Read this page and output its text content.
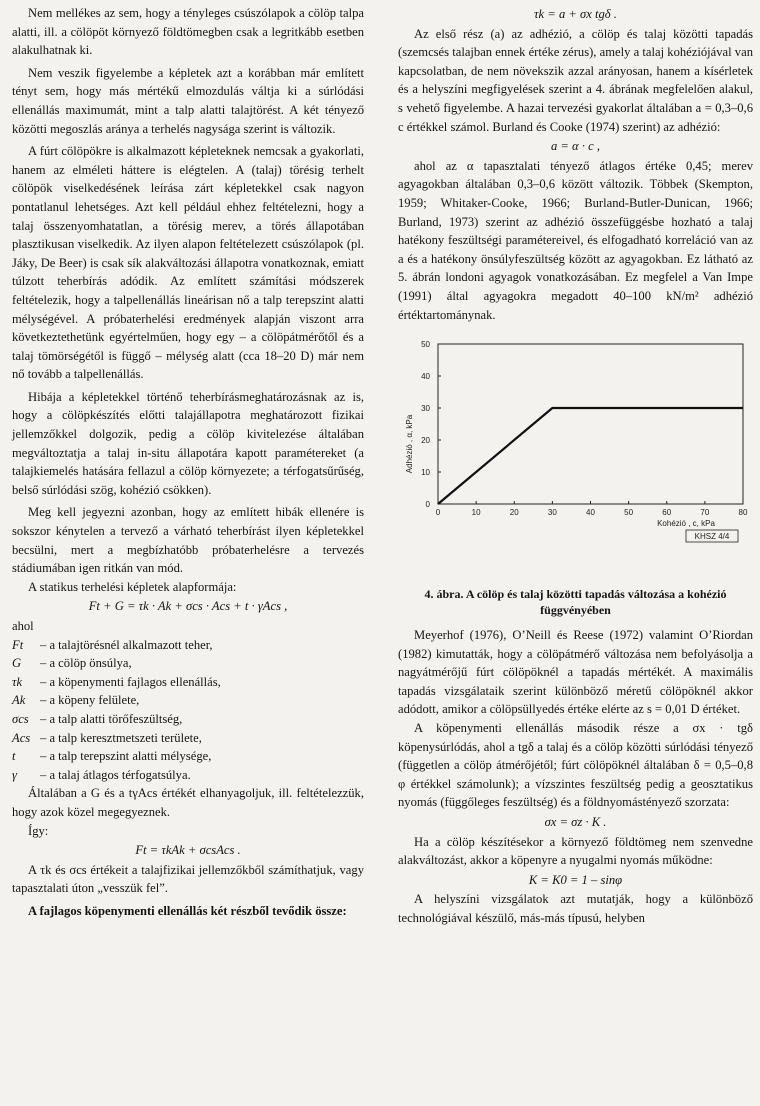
Nem mellékes az sem, hogy a tényleges csúszólapok a cölöp talpa alatti, ill. a cölöpöt környező földtömegben csak a legritkább esetben alakulhatnak ki.

Nem veszik figyelembe a képletek azt a korábban már említett tényt sem, hogy más mértékű elmozdulás váltja ki a súrlódási ellenállás maximumát, mint a talp alatti talajtörést. A két tényező közötti megoszlás aránya a terhelés nagysága szerint is változik.

A fúrt cölöpökre is alkalmazott képleteknek nemcsak a gyakorlati, hanem az elméleti háttere is elégtelen. A (talaj) törésig terhelt cölöpök viselkedésének leírása zárt képletekkel csak nagyon pontatlanul lehetséges. Azt kell például ehhez feltételezni, hogy a talaj összenyomhatatlan, a törésig merev, a törés állapotában plasztikusan viselkedik. Az ilyen alapon feltételezett csúszólapok (pl. Jáky, De Beer) is csak sík alakváltozási állapotra vonatkoznak, emiatt túlzott teherbírás adódik. Az említett számítási módszerek feltételezik, hogy a talpellenállás lineárisan nő a talp terepszint alatti mélységével. A próbaterhelési eredmények alapján viszont arra következtethetünk egyértelműen, hogy egy – a cölöpátmérőtől és a talaj tömörségétől is függő – mélység alatt (cca 18–20 D) már nem nő tovább a talpellenállás.

Hibája a képletekkel történő teherbírásmeghatározásnak az is, hogy a cölöpkészítés előtti talajállapotra meghatározott fizikai jellemzőkkel dolgozik, pedig a cölöp kivitelezése általában megváltoztatja a talaj in-situ állapotára kapott paramétereket (a talajkiemelés hatására fellazul a cölöp környezete; a térfogatsűrűség, belső súrlódási szög, kohézió csökken).

Meg kell jegyezni azonban, hogy az említett hibák ellenére is sokszor kénytelen a tervező a várható teherbírást ilyen képletekkel becsülni, mert a megbízhatóbb próbaterhelésre a tervezés stádiumában igen ritkán van mód.

A statikus terhelési képletek alapformája:

Ft + G = τk · Ak + σcs · Acs + t · γAcs ,

ahol

Ft	– a talajtörésnél alkalmazott teher,
G	– a cölöp önsúlya,
τk	– a köpenymenti fajlagos ellenállás,
Ak	– a köpeny felülete,
σcs – a talp alatti törőfeszültség,
Acs – a talp keresztmetszeti területe,
t	– a talp terepszint alatti mélysége,
γ	– a talaj átlagos térfogatsúlya.

Általában a G és a tγAcs értékét elhanyagoljuk, ill. feltételezzük, hogy azok közel megegyeznek.

Így:

Ft = τkAk + σcsAcs .

A τk és σcs értékeit a talajfizikai jellemzőkből számíthatjuk, vagy tapasztalati úton „vesszük fel”.

A fajlagos köpenymenti ellenállás két részből tevődik össze:

τk = a + σx tgδ .

Az első rész (a) az adhézió, a cölöp és talaj közötti tapadás (szemcsés talajban ennek értéke zérus), amely a talaj kohéziójával van kapcsolatban, de nem növekszik azzal arányosan, hanem a kísérletek és a helyszíni megfigyelések szerint a 4. ábrának megfelelően alakul, s vehető figyelembe. A hazai tervezési gyakorlat általában a = 0,3–0,6 c értékkel számol. Burland és Cooke (1974) szerint) az adhézió:

a = α · c ,

ahol az α tapasztalati tényező átlagos értéke 0,45; merev agyagokban általában 0,3–0,6 között változik. Többek (Skempton, 1959; Whitaker-Cooke, 1966; Burland-Butler-Dunican, 1966; Burland, 1973) szerint az adhézió összefüggésbe hozható a talaj hatékony feszültségi paramétereivel, és elfogadható korreláció van az a és a hatékony önsúlyfeszültség között az agyagokban. Ez látható az 5. ábrán londoni agyagok vonatkozásában. Ez megfelel a Van Impe (1991) által agyagokra megadott 40–100 kN/m² adhézió értéktartománynak.

0	10	20	30	40	50	60	70	80
0
10
20
30
40
50
Kohézió , c, kPa
Adhézió , α, kPa
KHSZ 4/4

4. ábra. A cölöp és talaj közötti tapadás változása a kohézió függvényében

Meyerhof (1976), O’Neill és Reese (1972) valamint O’Riordan (1982) kimutatták, hogy a cölöpátmérő változása nem befolyásolja a nagyátmérőjű fúrt cölöpöknél a tapadás mértékét. A maximális tapadás vizsgálataik szerint különböző méretű cölöpöknél akkor adódott, amikor a cölöpsüllyedés értéke elérte az s = 0,01 D értéket.

A köpenymenti ellenállás második része a σx · tgδ köpenysúrlódás, ahol a tgδ a talaj és a cölöp közötti súrlódási tényező (független a cölöp átmérőjétől; fúrt cölöpöknél általában δ = 0,5–0,8 φ értékkel számolunk); a vízszintes feszültség pedig a geosztatikus nyomás (függőleges feszültség) és a földnyomástényező szorzata:

σx = σz · K .

Ha a cölöp készítésekor a környező földtömeg nem szenvedne alakváltozást, akkor a köpenyre a nyugalmi nyomás működne:

K = K0 = 1 – sinφ

A helyszíni vizsgálatok azt mutatják, hogy a különböző technológiával készülő, más-más típusú, helyben
